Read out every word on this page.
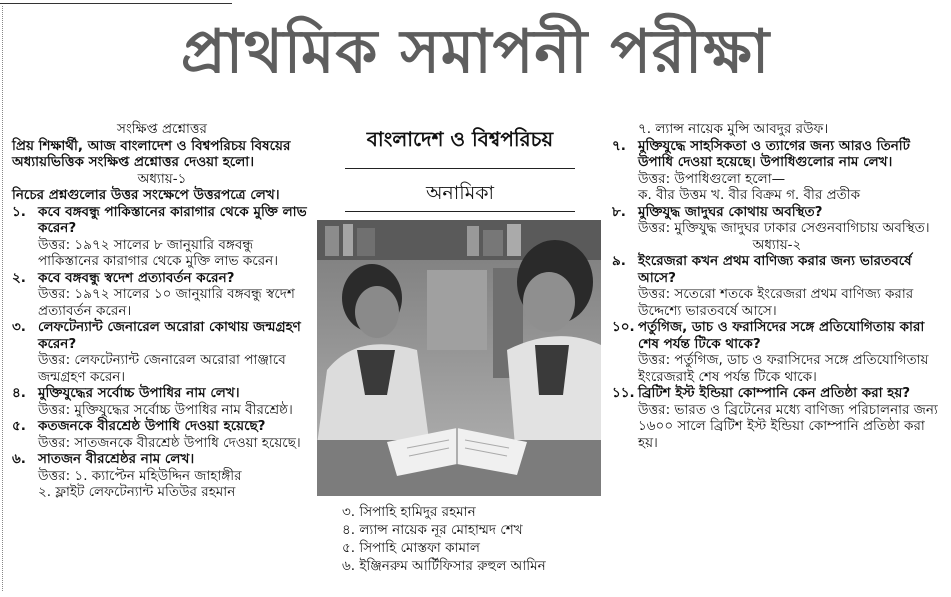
প্রাথমিক সমাপনী পরীক্ষা
সংক্ষিপ্ত প্রশ্নোত্তর
প্রিয় শিক্ষার্থী, আজ বাংলাদেশ ও বিশ্বপরিচয় বিষয়ের অধ্যায়ভিত্তিক সংক্ষিপ্ত প্রশ্নোত্তর দেওয়া হলো।
অধ্যায়-১
নিচের প্রশ্নগুলোর উত্তর সংক্ষেপে উত্তরপত্রে লেখ।
১. কবে বঙ্গবন্ধু পাকিস্তানের কারাগার থেকে মুক্তি লাভ করেন?
উত্তর: ১৯৭২ সালের ৮ জানুয়ারি বঙ্গবন্ধু পাকিস্তানের কারাগার থেকে মুক্তি লাভ করেন।
২. কবে বঙ্গবন্ধু স্বদেশ প্রত্যাবর্তন করেন?
উত্তর: ১৯৭২ সালের ১০ জানুয়ারি বঙ্গবন্ধু স্বদেশ প্রত্যাবর্তন করেন।
৩. লেফটেন্যান্ট জেনারেল অরোরা কোথায় জন্মগ্রহণ করেন?
উত্তর: লেফটেন্যান্ট জেনারেল অরোরা পাঞ্জাবে জন্মগ্রহণ করেন।
৪. মুক্তিযুদ্ধের সর্বোচ্চ উপাধির নাম লেখ।
উত্তর: মুক্তিযুদ্ধের সর্বোচ্চ উপাধির নাম বীরশ্রেষ্ঠ।
৫. কতজনকে বীরশ্রেষ্ঠ উপাধি দেওয়া হয়েছে?
উত্তর: সাতজনকে বীরশ্রেষ্ঠ উপাধি দেওয়া হয়েছে।
৬. সাতজন বীরশ্রেষ্ঠর নাম লেখ।
উত্তর: ১. ক্যাপ্টেন মহিউদ্দিন জাহাঙ্গীর
২. ফ্লাইট লেফটেন্যান্ট মতিউর রহমান
বাংলাদেশ ও বিশ্বপরিচয়
অনামিকা
৩. সিপাহি হামিদুর রহমান
৪. ল্যান্স নায়েক নূর মোহাম্মদ শেখ
৫. সিপাহি মোস্তফা কামাল
৬. ইঞ্জিনরুম আর্টিফিসার রুহুল আমিন
৭. ল্যান্স নায়েক মুন্সি আবদুর রউফ।
৭. মুক্তিযুদ্ধে সাহসিকতা ও ত্যাগের জন্য আরও তিনটি উপাধি দেওয়া হয়েছে। উপাধিগুলোর নাম লেখ।
উত্তর: উপাধিগুলো হলো—
ক. বীর উত্তম খ. বীর বিক্রম গ. বীর প্রতীক
৮. মুক্তিযুদ্ধ জাদুঘর কোথায় অবস্থিত?
উত্তর: মুক্তিযুদ্ধ জাদুঘর ঢাকার সেগুনবাগিচায় অবস্থিত।
অধ্যায়-২
৯. ইংরেজরা কখন প্রথম বাণিজ্য করার জন্য ভারতবর্ষে আসে?
উত্তর: সতেরো শতকে ইংরেজরা প্রথম বাণিজ্য করার উদ্দেশ্যে ভারতবর্ষে আসে।
১০. পর্তুগিজ, ডাচ ও ফরাসিদের সঙ্গে প্রতিযোগিতায় কারা শেষ পর্যন্ত টিকে থাকে?
উত্তর: পর্তুগিজ, ডাচ ও ফরাসিদের সঙ্গে প্রতিযোগিতায় ইংরেজরাই শেষ পর্যন্ত টিকে থাকে।
১১. ব্রিটিশ ইস্ট ইন্ডিয়া কোম্পানি কেন প্রতিষ্ঠা করা হয়?
উত্তর: ভারত ও ব্রিটেনের মধ্যে বাণিজ্য পরিচালনার জন্য ১৬০০ সালে ব্রিটিশ ইস্ট ইন্ডিয়া কোম্পানি প্রতিষ্ঠা করা হয়।
